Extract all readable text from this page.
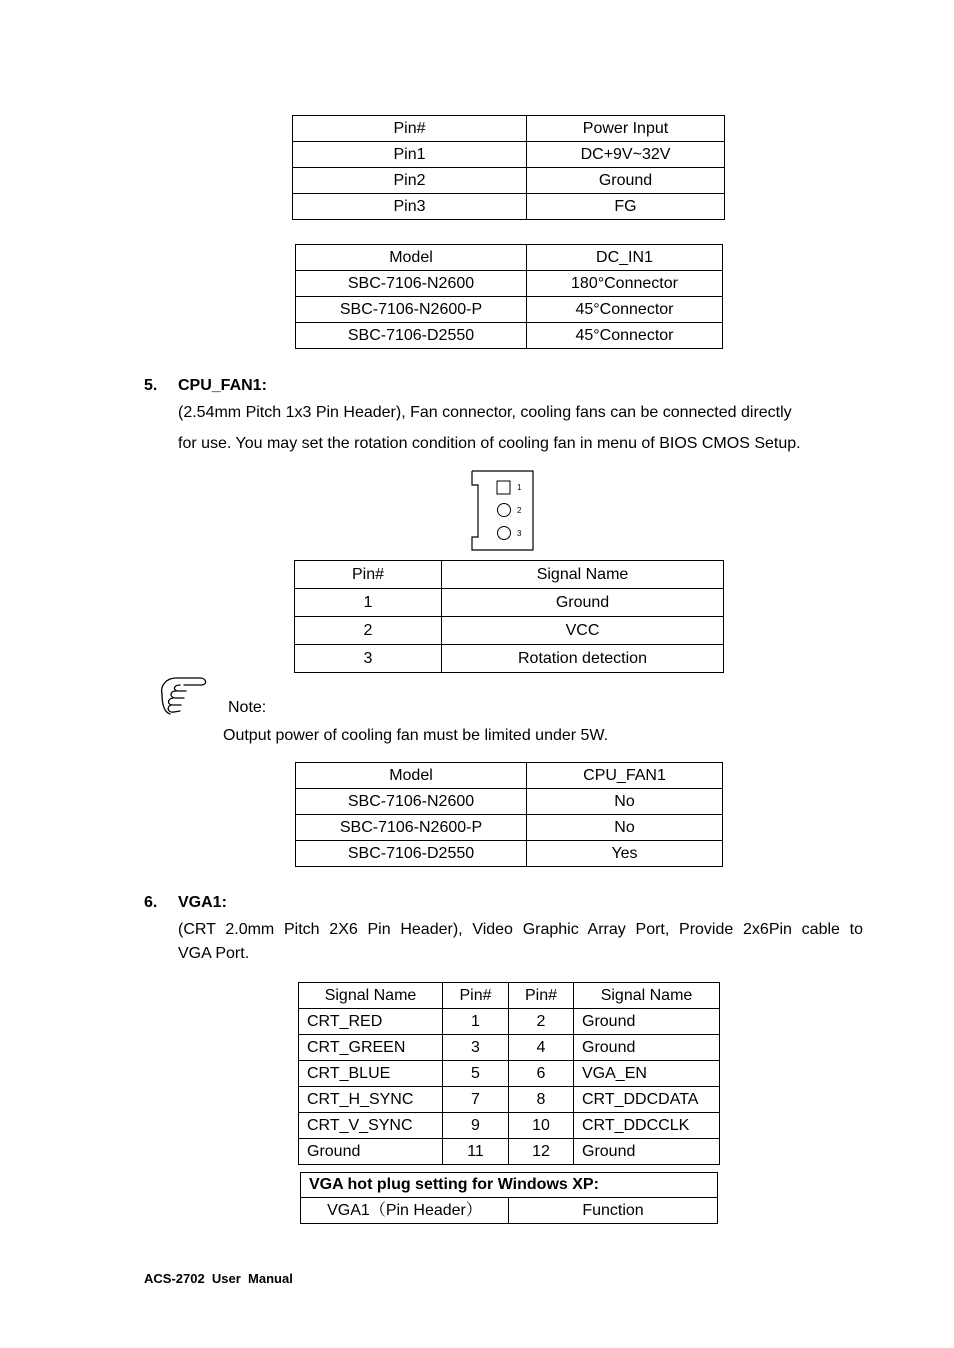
Pin#	Power Input
Pin1	DC+9V~32V
Pin2	Ground
Pin3	FG
Model	DC_IN1
SBC-7106-N2600	180°Connector
SBC-7106-N2600-P	45°Connector
SBC-7106-D2550	45°Connector
5. CPU_FAN1:
(2.54mm Pitch 1x3 Pin Header), Fan connector, cooling fans can be connected directly
for use. You may set the rotation condition of cooling fan in menu of BIOS CMOS Setup.
1
2
3
Pin#	Signal Name
1	Ground
2	VCC
3	Rotation detection
Note:
Output power of cooling fan must be limited under 5W.
Model	CPU_FAN1
SBC-7106-N2600	No
SBC-7106-N2600-P	No
SBC-7106-D2550	Yes
6. VGA1:
(CRT 2.0mm Pitch 2X6 Pin Header), Video Graphic Array Port, Provide 2x6Pin cable to
VGA Port.
Signal Name	Pin#	Pin#	Signal Name
CRT_RED	1	2	Ground
CRT_GREEN	3	4	Ground
CRT_BLUE	5	6	VGA_EN
CRT_H_SYNC	7	8	CRT_DDCDATA
CRT_V_SYNC	9	10	CRT_DDCCLK
Ground	11	12	Ground
VGA hot plug setting for Windows XP:
VGA1（Pin Header）	Function
ACS-2702  User  Manual
